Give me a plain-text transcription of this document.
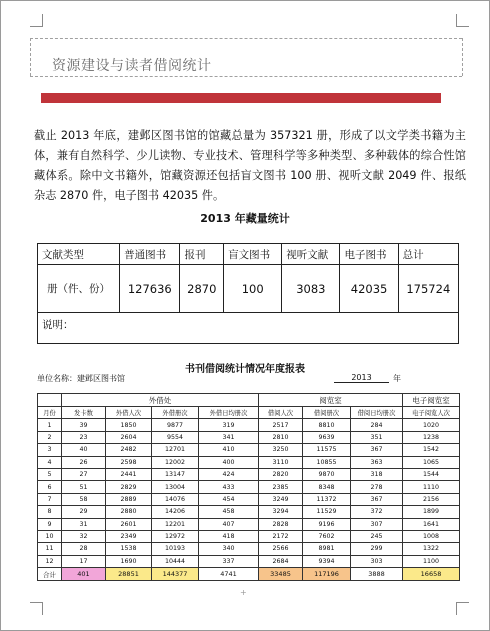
资源建设与读者借阅统计
截止 2013 年底，建邺区图书馆的馆藏总量为 357321 册，形成了以文学类书籍为主体，兼有自然科学、少儿读物、专业技术、管理科学等多种类型、多种载体的综合性馆藏体系。除中文书籍外，馆藏资源还包括盲文图书 100 册、视听文献 2049 件、报纸杂志 2870 件，电子图书 42035 件。
2013 年藏量统计
文献类型	普通图书	报刊	盲文图书	视听文献	电子图书	总计
册（件、份）	127636	2870	100	3083	42035	175724
说明：						
书刊借阅统计情况年度报表
单位名称：建邺区图书馆	2013	年
	外借处				阅览室			电子阅览室
月份	发卡数	外借人次	外借册次	外借日均册次	借阅人次	借阅册次	借阅日均册次	电子阅览人次
1	39	1850	9877	319	2517	8810	284	1020
2	23	2604	9554	341	2810	9639	351	1238
3	40	2482	12701	410	3250	11575	367	1542
4	26	2598	12002	400	3110	10855	363	1065
5	27	2441	13147	424	2820	9870	318	1544
6	51	2829	13004	433	2385	8348	278	1110
7	58	2889	14076	454	3249	11372	367	2156
8	29	2880	14206	458	3294	11529	372	1899
9	31	2601	12201	407	2828	9196	307	1641
10	32	2349	12972	418	2172	7602	245	1008
11	28	1538	10193	340	2566	8981	299	1322
12	17	1690	10444	337	2684	9394	303	1100
合计	401	28851	144377	4741	33485	117196	3888	16658
+
